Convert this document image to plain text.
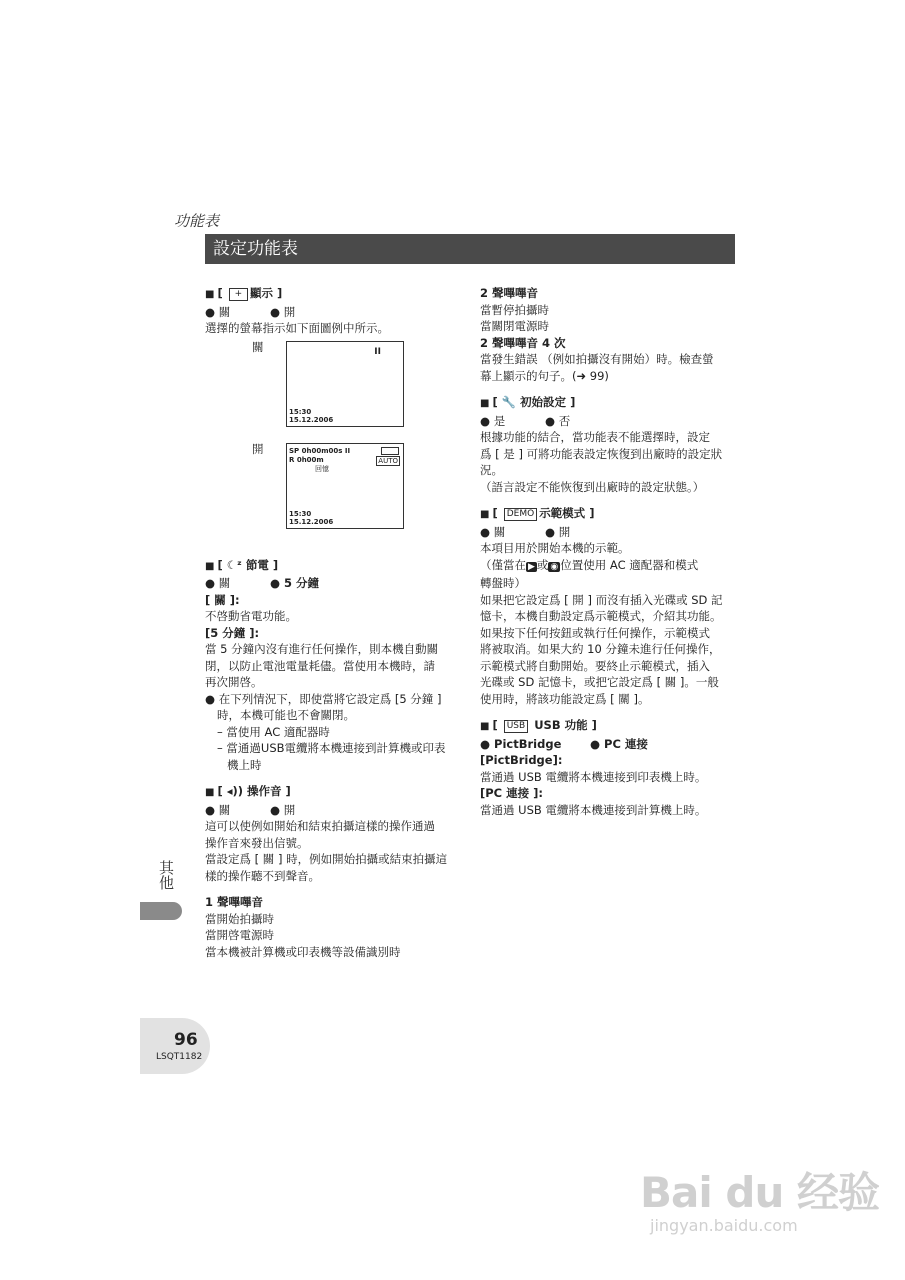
功能表
設定功能表
■ [  + 顯示 ]
● 關	● 開
選擇的螢幕指示如下面圖例中所示。
關	II
15:30
15.12.2006
開	SP 0h00m00s II
R 0h00m	AUTO
回憶
15:30
15.12.2006
■ [ ☾ᶻ 節電 ]
● 關	● 5 分鐘
[ 關 ]:
不啓動省電功能。
[5 分鐘 ]:
當 5 分鐘內沒有進行任何操作，則本機自動關
閉，以防止電池電量耗儘。當使用本機時，請
再次開啓。
● 在下列情況下，即使當將它設定爲 [5 分鐘 ]
時，本機可能也不會關閉。
– 當使用 AC 適配器時
– 當通過USB電纜將本機連接到計算機或印表
機上時
■ [ ◂)) 操作音 ]
● 關	● 開
這可以使例如開始和結束拍攝這樣的操作通過
操作音來發出信號。
當設定爲 [ 關 ] 時，例如開始拍攝或結束拍攝這
樣的操作聽不到聲音。
1 聲嗶嗶音
當開始拍攝時
當開啓電源時
當本機被計算機或印表機等設備識別時
2 聲嗶嗶音
當暫停拍攝時
當關閉電源時
2 聲嗶嗶音 4 次
當發生錯誤 （例如拍攝沒有開始）時。檢查螢
幕上顯示的句子。(➜ 99)
■ [ 🔧 初始設定 ]
● 是	● 否
根據功能的結合，當功能表不能選擇時，設定
爲 [ 是 ] 可將功能表設定恢復到出廠時的設定狀
況。
（語言設定不能恢復到出廠時的設定狀態。）
■ [ DEMO 示範模式 ]
● 關	● 開
本項目用於開始本機的示範。
（僅當在 ▶ 或 ◉ 位置使用 AC 適配器和模式
轉盤時）
如果把它設定爲 [ 開 ] 而沒有插入光碟或 SD 記
憶卡，本機自動設定爲示範模式，介紹其功能。
如果按下任何按鈕或執行任何操作，示範模式
將被取消。如果大約 10 分鐘未進行任何操作，
示範模式將自動開始。要終止示範模式，插入
光碟或 SD 記憶卡，或把它設定爲 [ 關 ]。一般
使用時，將該功能設定爲 [ 關 ]。
■ [ USB USB 功能 ]
● PictBridge	● PC 連接
[PictBridge]:
當通過 USB 電纜將本機連接到印表機上時。
[PC 連接 ]:
當通過 USB 電纜將本機連接到計算機上時。
其他
96
LSQT1182
Bai du 经验
jingyan.baidu.com
